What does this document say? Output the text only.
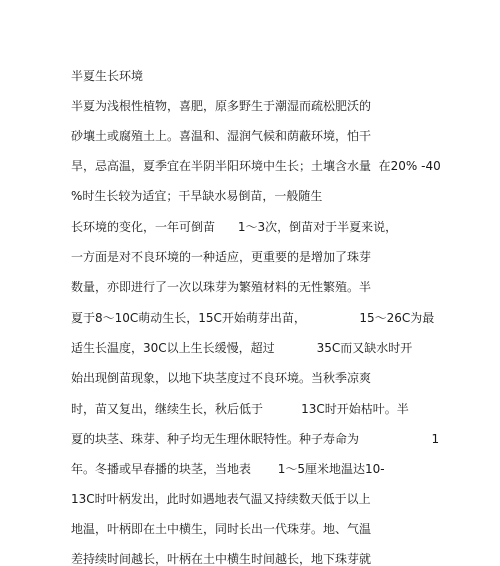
半夏生长环境
半夏为浅根性植物，喜肥，原多野生于潮湿而疏松肥沃的
砂壤土或腐殖土上。喜温和、湿润气候和荫蔽环境，怕干
旱，忌高温，夏季宜在半阴半阳环境中生长；土壤含水量  在20% -40
%时生长较为适宜；干旱缺水易倒苗，一般随生
长环境的变化，一年可倒苗      1～3次，倒苗对于半夏来说，
一方面是对不良环境的一种适应，更重要的是增加了珠芽
数量，亦即进行了一次以珠芽为繁殖材料的无性繁殖。半
夏于8～10C萌动生长，15C开始萌芽出苗，              15～26C为最
适生长温度，30C以上生长缓慢，超过           35C而又缺水时开
始出现倒苗现象，以地下块茎度过不良环境。当秋季凉爽
时，苗又复出，继续生长，秋后低于          13C时开始枯叶。半
夏的块茎、珠芽、种子均无生理休眠特性。种子寿命为                   1
年。冬播或早春播的块茎，当地表       1～5厘米地温达10-
13C时叶柄发出，此时如遇地表气温又持续数天低于以上
地温，叶柄即在土中横生，同时长出一代珠芽。地、气温
差持续时间越长，叶柄在土中横生时间越长，地下珠芽就
